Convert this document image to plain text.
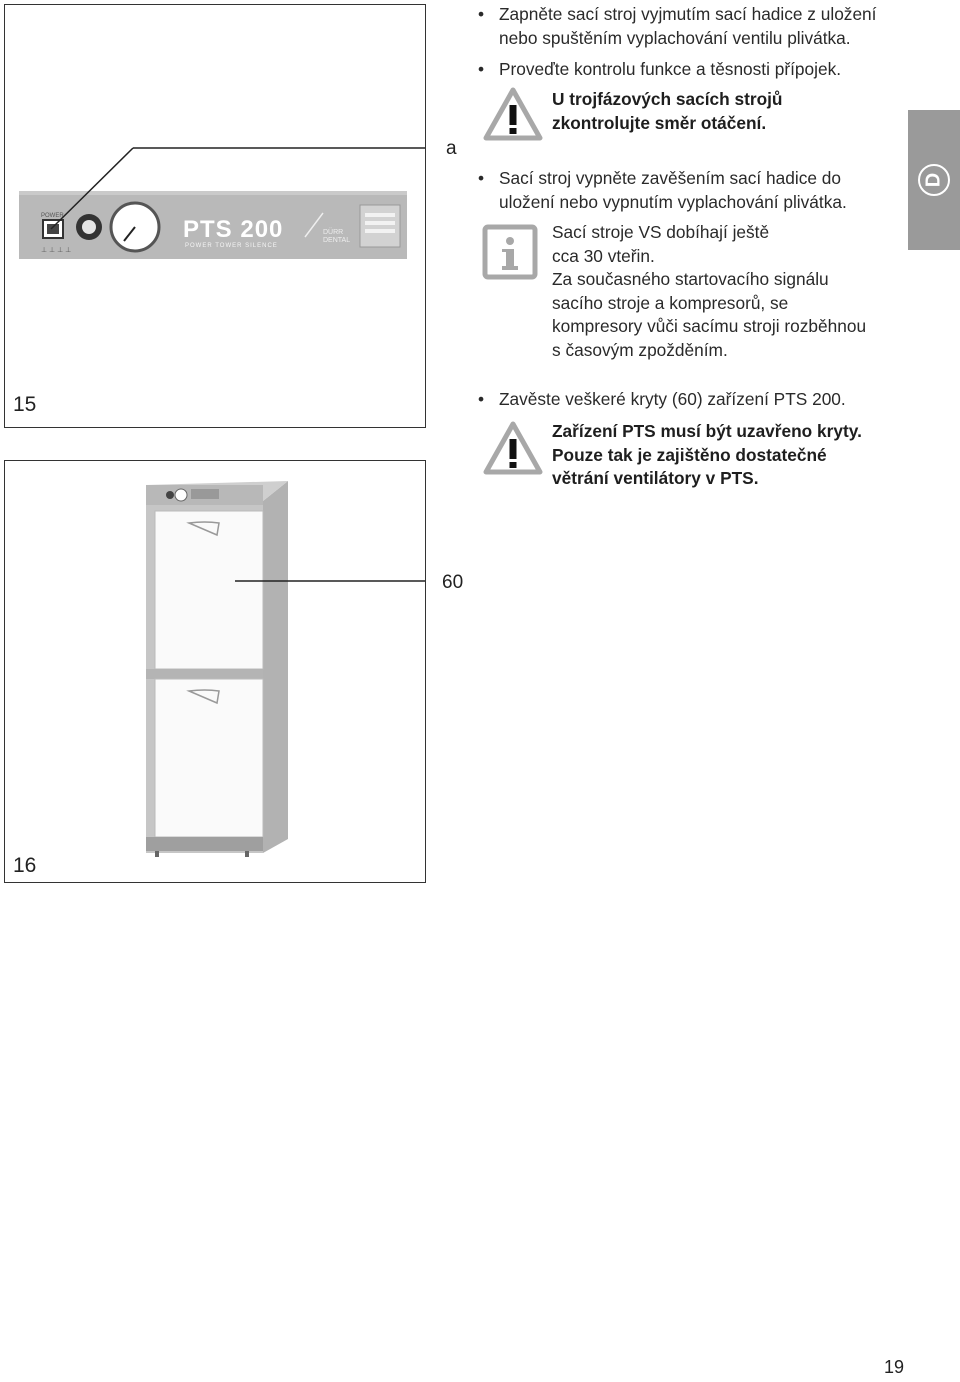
POWER
⊥ ⊥ ⊥ ⊥
PTS 200
POWER TOWER SILENCE
DÜRR DENTAL
15
a
16
60
• Zapněte sací stroj vyjmutím sací hadice z uložení
nebo spuštěním vyplachování ventilu plivátka.
• Proveďte kontrolu funkce a těsnosti přípojek.
U trojfázových sacích strojů
zkontrolujte směr otáčení.
• Sací stroj vypněte zavěšením sací hadice do
uložení nebo vypnutím vyplachování plivátka.
Sací stroje VS dobíhají ještě
cca 30 vteřin.
Za současného startovacího signálu
sacího stroje a kompresorů, se
kompresory vůči sacímu stroji rozběhnou
s časovým zpožděním.
• Zavěste veškeré kryty (60) zařízení PTS 200.
Zařízení PTS musí být uzavřeno kryty.
Pouze tak je zajištěno dostatečné
větrání ventilátory v PTS.
D
19
